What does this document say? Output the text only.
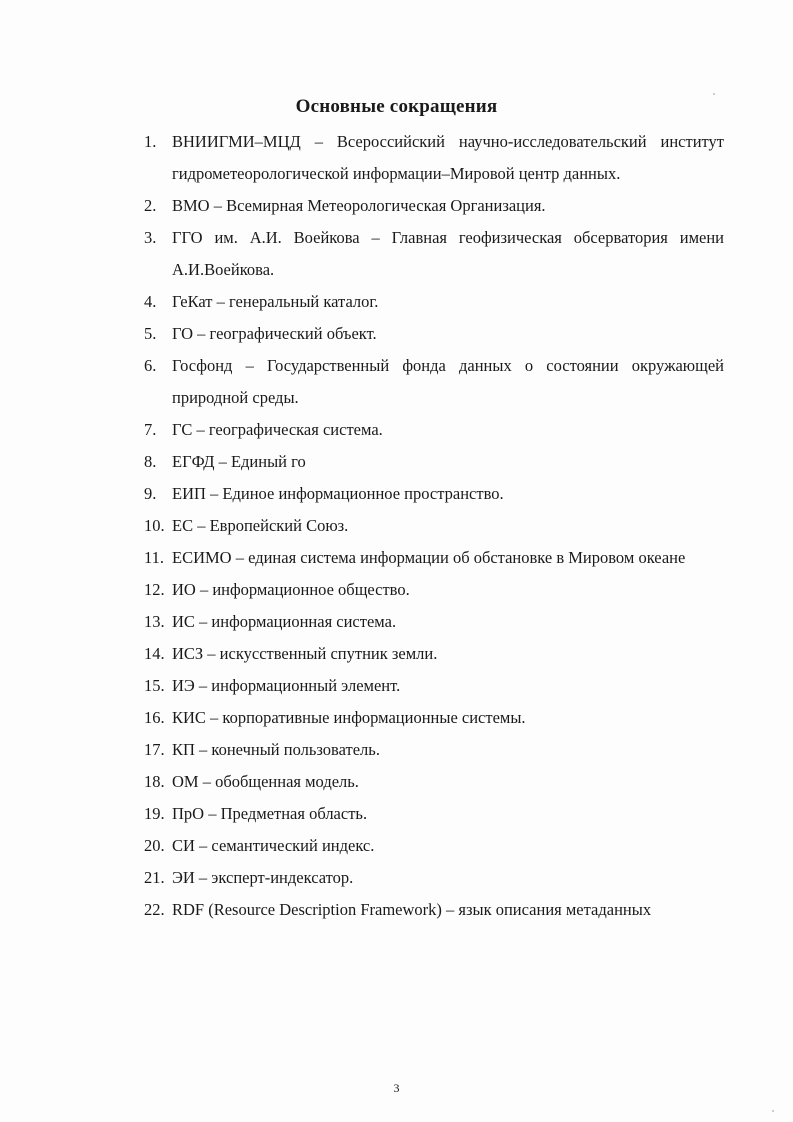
Основные сокращения
1. ВНИИГМИ–МЦД – Всероссийский научно-исследовательский институт гидрометеорологической информации–Мировой центр данных.
2. ВМО – Всемирная Метеорологическая Организация.
3. ГГО им. А.И. Воейкова – Главная геофизическая обсерватория имени А.И.Воейкова.
4. ГеКат – генеральный каталог.
5. ГО – географический объект.
6. Госфонд – Государственный фонда данных о состоянии окружающей природной среды.
7. ГС – географическая система.
8. ЕГФД – Единый го
9. ЕИП – Единое информационное пространство.
10. ЕС – Европейский Союз.
11. ЕСИМО – единая система информации об обстановке в Мировом океане
12. ИО – информационное общество.
13. ИС – информационная система.
14. ИСЗ – искусственный спутник земли.
15. ИЭ – информационный элемент.
16. КИС – корпоративные информационные системы.
17. КП – конечный пользователь.
18. ОМ – обобщенная модель.
19. ПрО – Предметная область.
20. СИ – семантический индекс.
21. ЭИ – эксперт-индексатор.
22. RDF (Resource Description Framework) – язык описания метаданных
3
